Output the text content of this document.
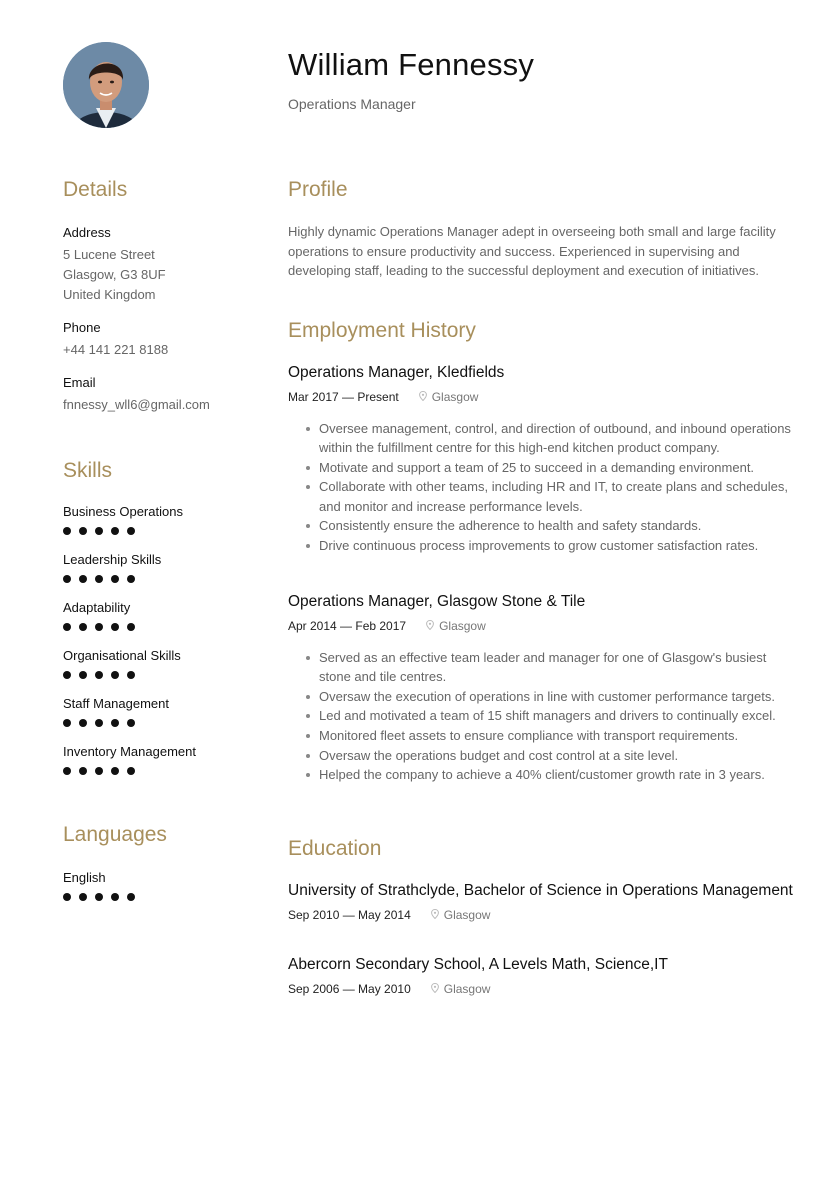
William Fennessy
Operations Manager
Details
Address
5 Lucene Street
Glasgow, G3 8UF
United Kingdom
Phone
+44 141 221 8188
Email
fnnessy_wll6@gmail.com
Skills
Business Operations
Leadership Skills
Adaptability
Organisational Skills
Staff Management
Inventory Management
Languages
English
Profile

Highly dynamic Operations Manager adept in overseeing both small and large facility operations to ensure productivity and success. Experienced in supervising and developing staff, leading to the successful deployment and execution of initiatives.

Employment History
Operations Manager, Kledfields
Mar 2017 — Present	Glasgow
Oversee management, control, and direction of outbound, and inbound operations within the fulfillment centre for this high-end kitchen product company.
Motivate and support a team of 25 to succeed in a demanding environment.
Collaborate with other teams, including HR and IT, to create plans and schedules, and monitor and increase performance levels.
Consistently ensure the adherence to health and safety standards.
Drive continuous process improvements to grow customer satisfaction rates.
Operations Manager, Glasgow Stone & Tile
Apr 2014 — Feb 2017	Glasgow
Served as an effective team leader and manager for one of Glasgow's busiest stone and tile centres.
Oversaw the execution of operations in line with customer performance targets.
Led and motivated a team of 15 shift managers and drivers to continually excel.
Monitored fleet assets to ensure compliance with transport requirements.
Oversaw the operations budget and cost control at a site level.
Helped the company to achieve a 40% client/customer growth rate in 3 years.
Education
University of Strathclyde, Bachelor of Science in Operations Management
Sep 2010 — May 2014	Glasgow
Abercorn Secondary School, A Levels Math, Science,IT
Sep 2006 — May 2010	Glasgow
